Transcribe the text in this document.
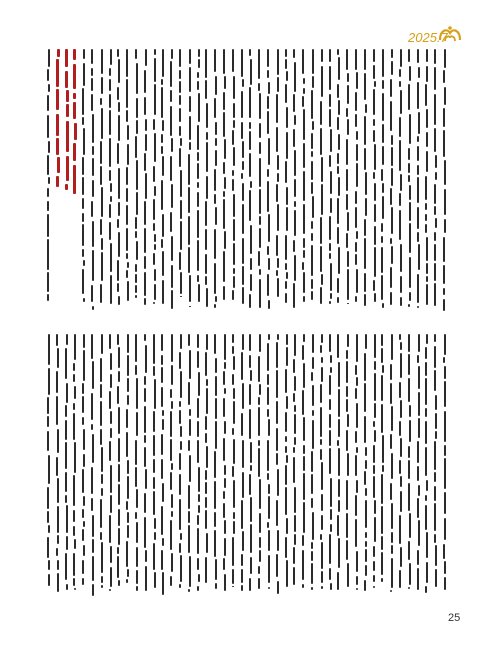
2025.7
25
